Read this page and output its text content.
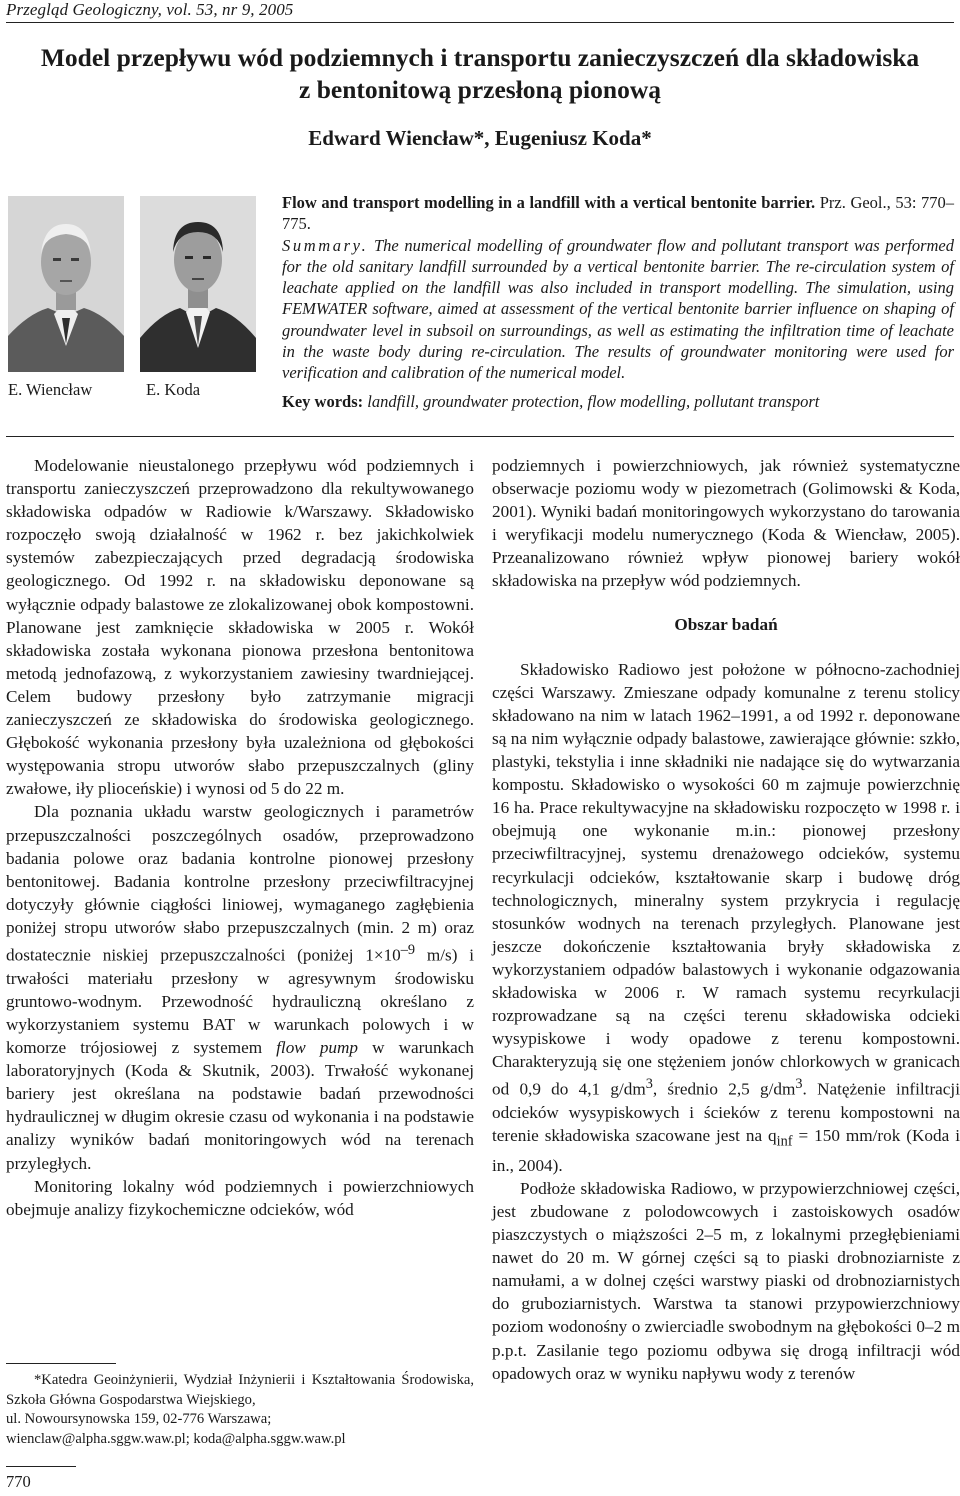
Przegląd Geologiczny, vol. 53, nr 9, 2005
Model przepływu wód podziemnych i transportu zanieczyszczeń dla składowiska
z bentonitową przesłoną pionową
Edward Wiencław*, Eugeniusz Koda*
E. Wiencław	E. Koda

Flow and transport modelling in a landfill with a vertical bentonite barrier. Prz. Geol., 53: 770–775.

Summary. The numerical modelling of groundwater flow and pollutant transport was performed for the old sanitary landfill surrounded by a vertical bentonite barrier. The re-circulation system of leachate applied on the landfill was also included in transport modelling. The simulation, using FEMWATER software, aimed at assessment of the vertical bentonite barrier influence on shaping of groundwater level in subsoil on surroundings, as well as estimating the infiltration time of leachate in the waste body during re-circulation. The results of groundwater monitoring were used for verification and calibration of the numerical model.

Key words: landfill, groundwater protection, flow modelling, pollutant transport

Modelowanie nieustalonego przepływu wód podziemnych i transportu zanieczyszczeń przeprowadzono dla rekultywowanego składowiska odpadów w Radiowie k/Warszawy. Składowisko rozpoczęło swoją działalność w 1962 r. bez jakichkolwiek systemów zabezpieczających przed degradacją środowiska geologicznego. Od 1992 r. na składowisku deponowane są wyłącznie odpady balastowe ze zlokalizowanej obok kompostowni. Planowane jest zamknięcie składowiska w 2005 r. Wokół składowiska została wykonana pionowa przesłona bentonitowa metodą jednofazową, z wykorzystaniem zawiesiny twardniejącej. Celem budowy przesłony było zatrzymanie migracji zanieczyszczeń ze składowiska do środowiska geologicznego. Głębokość wykonania przesłony była uzależniona od głębokości występowania stropu utworów słabo przepuszczalnych (gliny zwałowe, iły plioceńskie) i wynosi od 5 do 22 m.

Dla poznania układu warstw geologicznych i parametrów przepuszczalności poszczególnych osadów, przeprowadzono badania polowe oraz badania kontrolne pionowej przesłony bentonitowej. Badania kontrolne przesłony przeciwfiltracyjnej dotyczyły głównie ciągłości liniowej, wymaganego zagłębienia poniżej stropu utworów słabo przepuszczalnych (min. 2 m) oraz dostatecznie niskiej przepuszczalności (poniżej $1\times 10^{-9}$ m/s) i trwałości materiału przesłony w agresywnym środowisku gruntowo-wodnym. Przewodność hydrauliczną określano z wykorzystaniem systemu BAT w warunkach polowych i w komorze trójosiowej z systemem flow pump w warunkach laboratoryjnych (Koda & Skutnik, 2003). Trwałość wykonanej bariery jest określana na podstawie badań przewodności hydraulicznej w długim okresie czasu od wykonania i na podstawie analizy wyników badań monitoringowych wód na terenach przyległych.

Monitoring lokalny wód podziemnych i powierzchniowych obejmuje analizy fizykochemiczne odcieków, wód

*Katedra Geoinżynierii, Wydział Inżynierii i Kształtowania Środowiska, Szkoła Główna Gospodarstwa Wiejskiego,

ul. Nowoursynowska 159, 02-776 Warszawa;

wienclaw@alpha.sggw.waw.pl; koda@alpha.sggw.waw.pl

podziemnych i powierzchniowych, jak również systematyczne obserwacje poziomu wody w piezometrach (Golimowski & Koda, 2001). Wyniki badań monitoringowych wykorzystano do tarowania i weryfikacji modelu numerycznego (Koda & Wiencław, 2005). Przeanalizowano również wpływ pionowej bariery wokół składowiska na przepływ wód podziemnych.

Obszar badań

Składowisko Radiowo jest położone w północno-zachodniej części Warszawy. Zmieszane odpady komunalne z terenu stolicy składowano na nim w latach 1962–1991, a od 1992 r. deponowane są na nim wyłącznie odpady balastowe, zawierające głównie: szkło, plastyki, tekstylia i inne składniki nie nadające się do wytwarzania kompostu. Składowisko o wysokości 60 m zajmuje powierzchnię 16 ha. Prace rekultywacyjne na składowisku rozpoczęto w 1998 r. i obejmują one wykonanie m.in.: pionowej przesłony przeciwfiltracyjnej, systemu drenażowego odcieków, systemu recyrkulacji odcieków, kształtowanie skarp i budowę dróg technologicznych, mineralny system przykrycia i regulację stosunków wodnych na terenach przyległych. Planowane jest jeszcze dokończenie kształtowania bryły składowiska z wykorzystaniem odpadów balastowych i wykonanie odgazowania składowiska w 2006 r. W ramach systemu recyrkulacji rozprowadzane są na części terenu składowiska odcieki wysypiskowe i wody opadowe z terenu kompostowni. Charakteryzują się one stężeniem jonów chlorkowych w granicach od 0,9 do 4,1 $g/dm^3$, średnio 2,5 $g/dm^3$. Natężenie infiltracji odcieków wysypiskowych i ścieków z terenu kompostowni na terenie składowiska szacowane jest na $q_{inf} = 150$ mm/rok (Koda i in., 2004).

Podłoże składowiska Radiowo, w przypowierzchniowej części, jest zbudowane z polodowcowych i zastoiskowych osadów piaszczystych o miąższości 2–5 m, z lokalnymi przegłębieniami nawet do 20 m. W górnej części są to piaski drobnoziarniste z namułami, a w dolnej części warstwy piaski od drobnoziarnistych do gruboziarnistych. Warstwa ta stanowi przypowierzchniowy poziom wodonośny o zwierciadle swobodnym na głębokości 0–2 m p.p.t. Zasilanie tego poziomu odbywa się drogą infiltracji wód opadowych oraz w wyniku napływu wody z terenów

770
